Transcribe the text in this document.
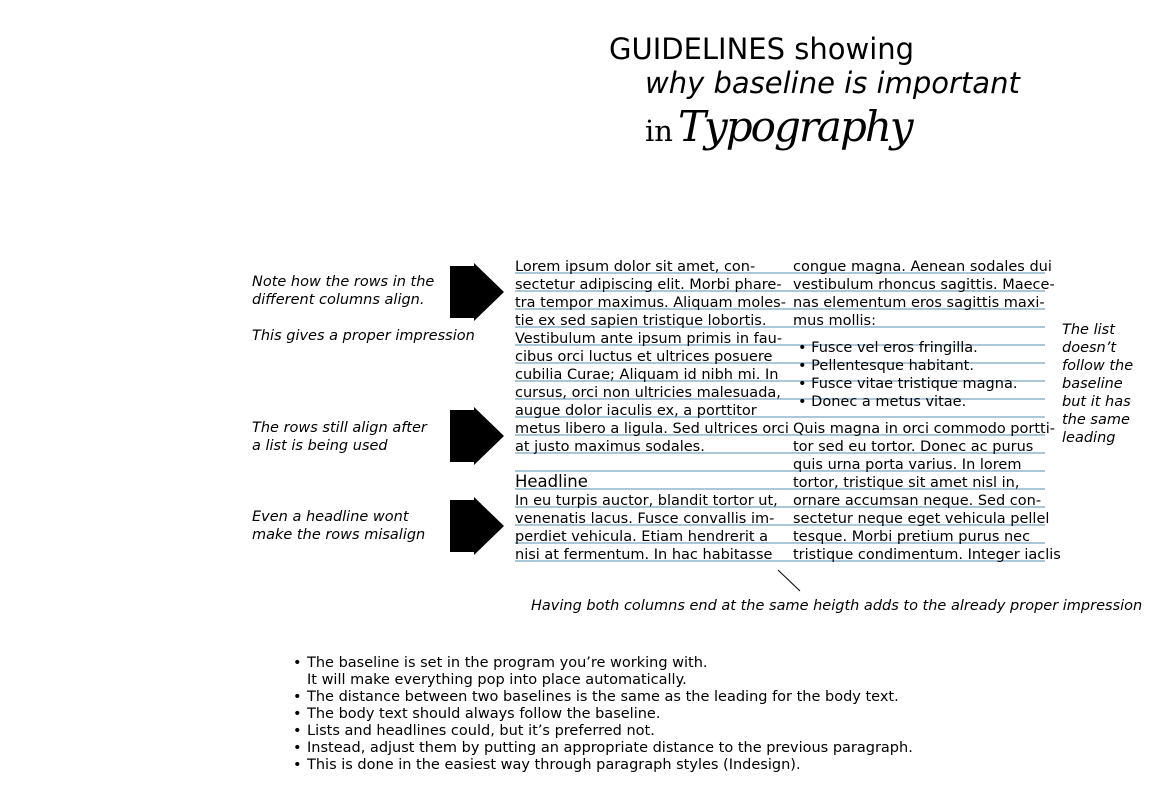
GUIDELINES showing
why baseline is important
in Typography
Note how the rows in the
different columns align.
This gives a proper impression
The rows still align after
a list is being used
Even a headline wont
make the rows misalign
Lorem ipsum dolor sit amet, con-
sectetur adipiscing elit. Morbi phare-
tra tempor maximus. Aliquam moles-
tie ex sed sapien tristique lobortis.
Vestibulum ante ipsum primis in fau-
cibus orci luctus et ultrices posuere
cubilia Curae; Aliquam id nibh mi. In
cursus, orci non ultricies malesuada,
augue dolor iaculis ex, a porttitor
metus libero a ligula. Sed ultrices orci
at justo maximus sodales.
Headline
In eu turpis auctor, blandit tortor ut,
venenatis lacus. Fusce convallis im-
perdiet vehicula. Etiam hendrerit a
nisi at fermentum. In hac habitasse
congue magna. Aenean sodales dui
vestibulum rhoncus sagittis. Maece-
nas elementum eros sagittis maxi-
mus mollis:
• Fusce vel eros fringilla.
• Pellentesque habitant.
• Fusce vitae tristique magna.
• Donec a metus vitae.
Quis magna in orci commodo portti-
tor sed eu tortor. Donec ac purus
quis urna porta varius. In lorem
tortor, tristique sit amet nisl in,
ornare accumsan neque. Sed con-
sectetur neque eget vehicula pellel
tesque. Morbi pretium purus nec
tristique condimentum. Integer iaclis
The list
doesn’t
follow the
baseline
but it has
the same
leading
Having both columns end at the same heigth adds to the already proper impression
• The baseline is set in the program you’re working with.
It will make everything pop into place automatically.
• The distance between two baselines is the same as the leading for the body text.
• The body text should always follow the baseline.
• Lists and headlines could, but it’s preferred not.
• Instead, adjust them by putting an appropriate distance to the previous paragraph.
• This is done in the easiest way through paragraph styles (Indesign).
